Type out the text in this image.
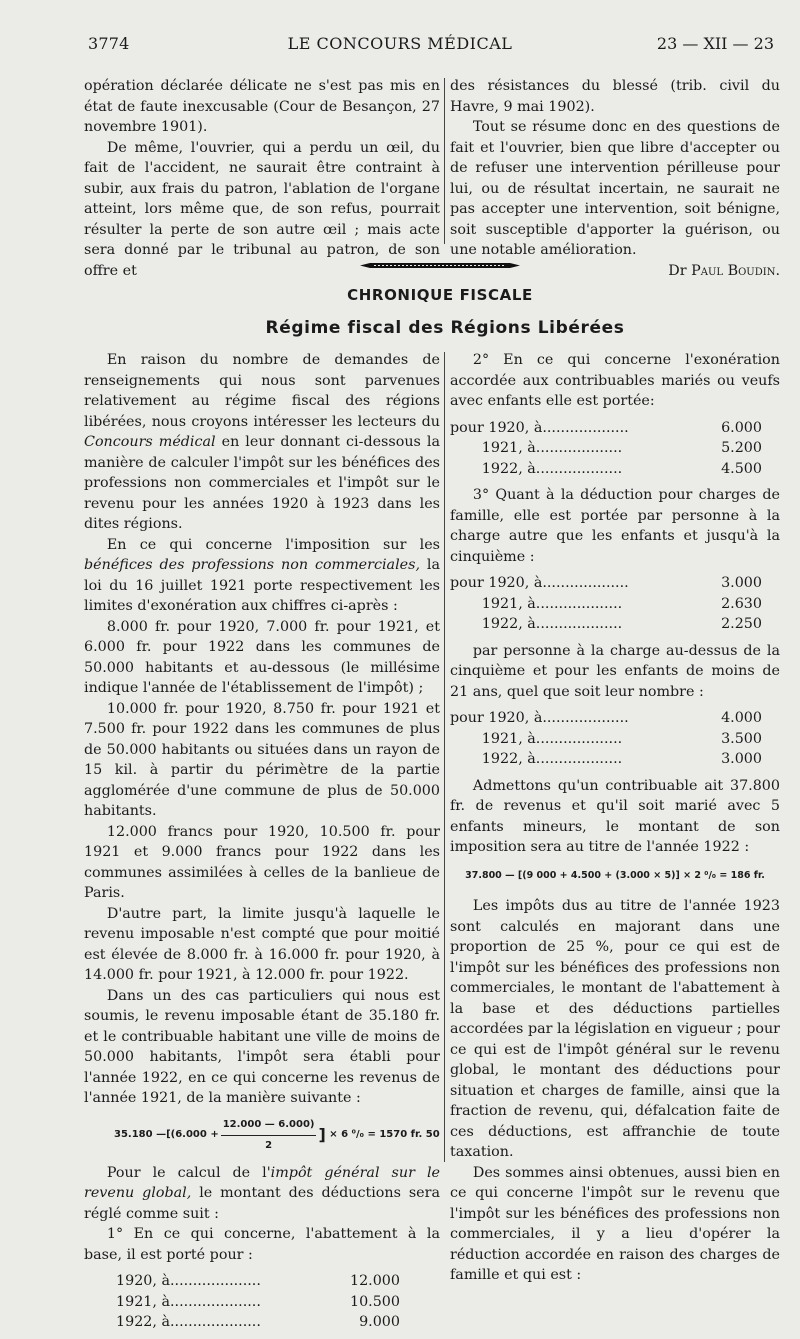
3774	LE CONCOURS MÉDICAL	23 — XII — 23

opération déclarée délicate ne s'est pas mis en état de faute inexcusable (Cour de Besançon, 27 novembre 1901).

De même, l'ouvrier, qui a perdu un œil, du fait de l'accident, ne saurait être contraint à subir, aux frais du patron, l'ablation de l'organe atteint, lors même que, de son refus, pourrait résulter la perte de son autre œil ; mais acte sera donné par le tribunal au patron, de son offre et

des résistances du blessé (trib. civil du Havre, 9 mai 1902).

Tout se résume donc en des questions de fait et l'ouvrier, bien que libre d'accepter ou de refuser une intervention périlleuse pour lui, ou de résultat incertain, ne saurait ne pas accepter une intervention, soit bénigne, soit susceptible d'apporter la guérison, ou une notable amélioration.

Dr Paul Boudin.
CHRONIQUE FISCALE
Régime fiscal des Régions Libérées

En raison du nombre de demandes de renseignements qui nous sont parvenues relativement au régime fiscal des régions libérées, nous croyons intéresser les lecteurs du Concours médical en leur donnant ci-dessous la manière de calculer l'impôt sur les bénéfices des professions non commerciales et l'impôt sur le revenu pour les années 1920 à 1923 dans les dites régions.

En ce qui concerne l'imposition sur les bénéfices des professions non commerciales, la loi du 16 juillet 1921 porte respectivement les limites d'exonération aux chiffres ci-après :

8.000 fr. pour 1920, 7.000 fr. pour 1921, et 6.000 fr. pour 1922 dans les communes de 50.000 habitants et au-dessous (le millésime indique l'année de l'établissement de l'impôt) ;

10.000 fr. pour 1920, 8.750 fr. pour 1921 et 7.500 fr. pour 1922 dans les communes de plus de 50.000 habitants ou situées dans un rayon de 15 kil. à partir du périmètre de la partie agglomérée d'une commune de plus de 50.000 habitants.

12.000 francs pour 1920, 10.500 fr. pour 1921 et 9.000 francs pour 1922 dans les communes assimilées à celles de la banlieue de Paris.

D'autre part, la limite jusqu'à laquelle le revenu imposable n'est compté que pour moitié est élevée de 8.000 fr. à 16.000 fr. pour 1920, à 14.000 fr. pour 1921, à 12.000 fr. pour 1922.

Dans un des cas particuliers qui nous est soumis, le revenu imposable étant de 35.180 fr. et le contribuable habitant une ville de moins de 50.000 habitants, l'impôt sera établi pour l'année 1922, en ce qui concerne les revenus de l'année 1921, de la manière suivante :

35.180
—[(6.000 + $\frac{12.000 — 6.000)}{2}$ ]
× 6 ⁰/₀ = 1570 fr. 50

Pour le calcul de l'impôt général sur le revenu global, le montant des déductions sera réglé comme suit :

1° En ce qui concerne, l'abattement à la base, il est porté pour :

1920, à....................	12.000
1921, à....................	10.500
1922, à....................	9.000

2° En ce qui concerne l'exonération accordée aux contribuables mariés ou veufs avec enfants elle est portée:

pour 1920, à...................	6.000
1921, à...................	5.200
1922, à...................	4.500

3° Quant à la déduction pour charges de famille, elle est portée par personne à la charge autre que les enfants et jusqu'à la cinquième :

pour 1920, à...................	3.000
1921, à...................	2.630
1922, à...................	2.250

par personne à la charge au-dessus de la cinquième et pour les enfants de moins de 21 ans, quel que soit leur nombre :

pour 1920, à...................	4.000
1921, à...................	3.500
1922, à...................	3.000

Admettons qu'un contribuable ait 37.800 fr. de revenus et qu'il soit marié avec 5 enfants mineurs, le montant de son imposition sera au titre de l'année 1922 :

37.800 — [(9 000 + 4.500 + (3.000 × 5)] × 2 ⁰/₀ = 186 fr.

Les impôts dus au titre de l'année 1923 sont calculés en majorant dans une proportion de 25 %, pour ce qui est de l'impôt sur les bénéfices des professions non commerciales, le montant de l'abattement à la base et des déductions partielles accordées par la législation en vigueur ; pour ce qui est de l'impôt général sur le revenu global, le montant des déductions pour situation et charges de famille, ainsi que la fraction de revenu, qui, défalcation faite de ces déductions, est affranchie de toute taxation.

Des sommes ainsi obtenues, aussi bien en ce qui concerne l'impôt sur le revenu que l'impôt sur les bénéfices des professions non commerciales, il y a lieu d'opérer la réduction accordée en raison des charges de famille et qui est :
